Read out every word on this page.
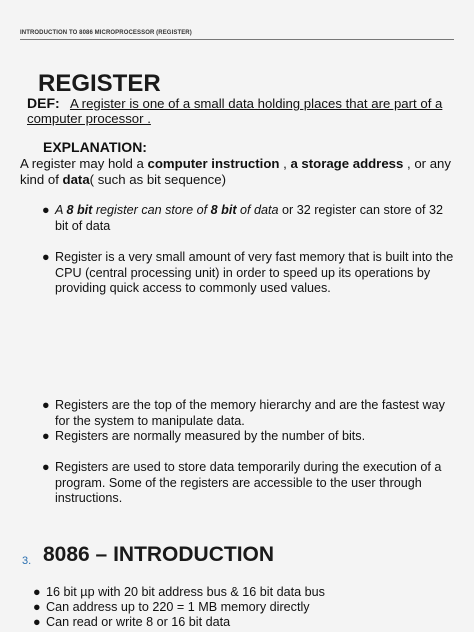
INTRODUCTION TO 8086 MICROPROCESSOR (REGISTER)
REGISTER
DEF: A register is one of a small data holding places that are part of a computer processor .
EXPLANATION:
A register may hold a computer instruction , a storage address , or any kind of data( such as bit sequence)
● A 8 bit register can store of 8 bit of data or 32 register can store of 32 bit of data
● Register is a very small amount of very fast memory that is built into the CPU (central processing unit) in order to speed up its operations by providing quick access to commonly used values.
● Registers are the top of the memory hierarchy and are the fastest way for the system to manipulate data.
● Registers are normally measured by the number of bits.
● Registers are used to store data temporarily during the execution of a program. Some of the registers are accessible to the user through instructions.
3. 8086 – INTRODUCTION
● 16 bit µp with 20 bit address bus & 16 bit data bus
● Can address up to 220 = 1 MB memory directly
● Can read or write 8 or 16 bit data
